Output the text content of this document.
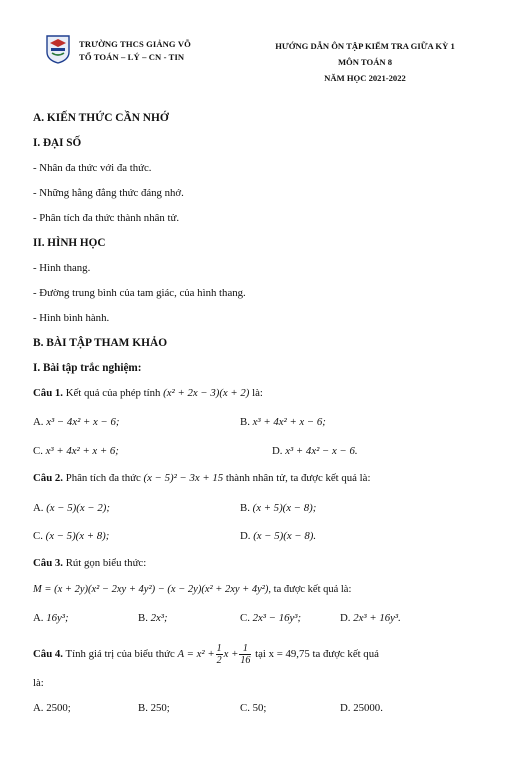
TRƯỜNG THCS GIẢNG VÕ
TỔ TOÁN – LÝ – CN - TIN
HƯỚNG DẪN ÔN TẬP KIỂM TRA GIỮA KỲ 1
MÔN TOÁN 8
NĂM HỌC 2021-2022
A. KIẾN THỨC CẦN NHỚ
I. ĐẠI SỐ
- Nhân đa thức với đa thức.
- Những hằng đẳng thức đáng nhớ.
- Phân tích đa thức thành nhân tử.
II. HÌNH HỌC
- Hình thang.
- Đường trung bình của tam giác, của hình thang.
- Hình bình hành.
B. BÀI TẬP THAM KHẢO
I. Bài tập trắc nghiệm:
Câu 1. Kết quả của phép tính (x² + 2x − 3)(x + 2) là:
A. x³ − 4x² + x − 6;	B. x³ + 4x² + x − 6;
C. x³ + 4x² + x + 6;	D. x³ + 4x² − x − 6.
Câu 2. Phân tích đa thức (x − 5)² − 3x + 15 thành nhân tử, ta được kết quả là:
A. (x − 5)(x − 2);	B. (x + 5)(x − 8);
C. (x − 5)(x + 8);	D. (x − 5)(x − 8).
Câu 3. Rút gọn biểu thức:
M = (x + 2y)(x² − 2xy + 4y²) − (x − 2y)(x² + 2xy + 4y²), ta được kết quả là:
A. 16y³;	B. 2x³;	C. 2x³ − 16y³;	D. 2x³ + 16y³.
Câu 4. Tính giá trị của biểu thức $A = x^2 + \frac{1}{2}$ $x + \frac{1}{16}$ tại x = 49,75 ta được kết quả
là:
A. 2500;	B. 250;	C. 50;	D. 25000.
